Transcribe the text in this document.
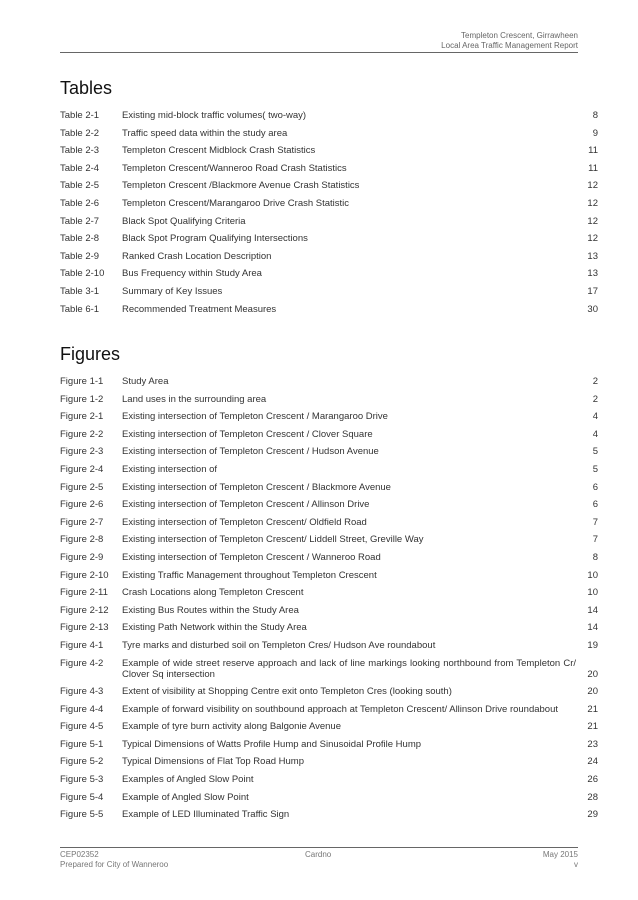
Templeton Crescent, Girrawheen
Local Area Traffic Management Report
Tables
Table 2-1	Existing mid-block traffic volumes( two-way)	8
Table 2-2	Traffic speed data within the study area	9
Table 2-3	Templeton Crescent Midblock Crash Statistics	11
Table 2-4	Templeton Crescent/Wanneroo Road Crash Statistics	11
Table 2-5	Templeton Crescent /Blackmore Avenue Crash Statistics	12
Table 2-6	Templeton Crescent/Marangaroo Drive Crash Statistic	12
Table 2-7	Black Spot Qualifying Criteria	12
Table 2-8	Black Spot Program Qualifying Intersections	12
Table 2-9	Ranked Crash Location Description	13
Table 2-10	Bus Frequency within Study Area	13
Table 3-1	Summary of Key Issues	17
Table 6-1	Recommended Treatment Measures	30
Figures
Figure 1-1	Study Area	2
Figure 1-2	Land uses in the surrounding area	2
Figure 2-1	Existing intersection of Templeton Crescent / Marangaroo Drive	4
Figure 2-2	Existing intersection of Templeton Crescent / Clover Square	4
Figure 2-3	Existing intersection of Templeton Crescent / Hudson Avenue	5
Figure 2-4	Existing intersection of	5
Figure 2-5	Existing intersection of Templeton Crescent / Blackmore Avenue	6
Figure 2-6	Existing intersection of Templeton Crescent / Allinson Drive	6
Figure 2-7	Existing intersection of Templeton Crescent/ Oldfield Road	7
Figure 2-8	Existing intersection of Templeton Crescent/ Liddell Street, Greville Way	7
Figure 2-9	Existing intersection of Templeton Crescent / Wanneroo Road	8
Figure 2-10	Existing Traffic Management throughout Templeton Crescent	10
Figure 2-11	Crash Locations along Templeton Crescent	10
Figure 2-12	Existing Bus Routes within the Study Area	14
Figure 2-13	Existing Path Network within the Study Area	14
Figure 4-1	Tyre marks and disturbed soil on Templeton Cres/ Hudson Ave roundabout	19
Figure 4-2	Example of wide street reserve approach and lack of line markings looking northbound from Templeton Cr/ Clover Sq intersection	20
Figure 4-3	Extent of visibility at Shopping Centre exit onto Templeton Cres (looking south)	20
Figure 4-4	Example of forward visibility on southbound approach at Templeton Crescent/ Allinson Drive roundabout	21
Figure 4-5	Example of tyre burn activity along Balgonie Avenue	21
Figure 5-1	Typical Dimensions of Watts Profile Hump and Sinusoidal Profile Hump	23
Figure 5-2	Typical Dimensions of Flat Top Road Hump	24
Figure 5-3	Examples of Angled Slow Point	26
Figure 5-4	Example of Angled Slow Point	28
Figure 5-5	Example of LED Illuminated Traffic Sign	29
CEP02352
Prepared for City of Wanneroo
Cardno	May 2015
v
